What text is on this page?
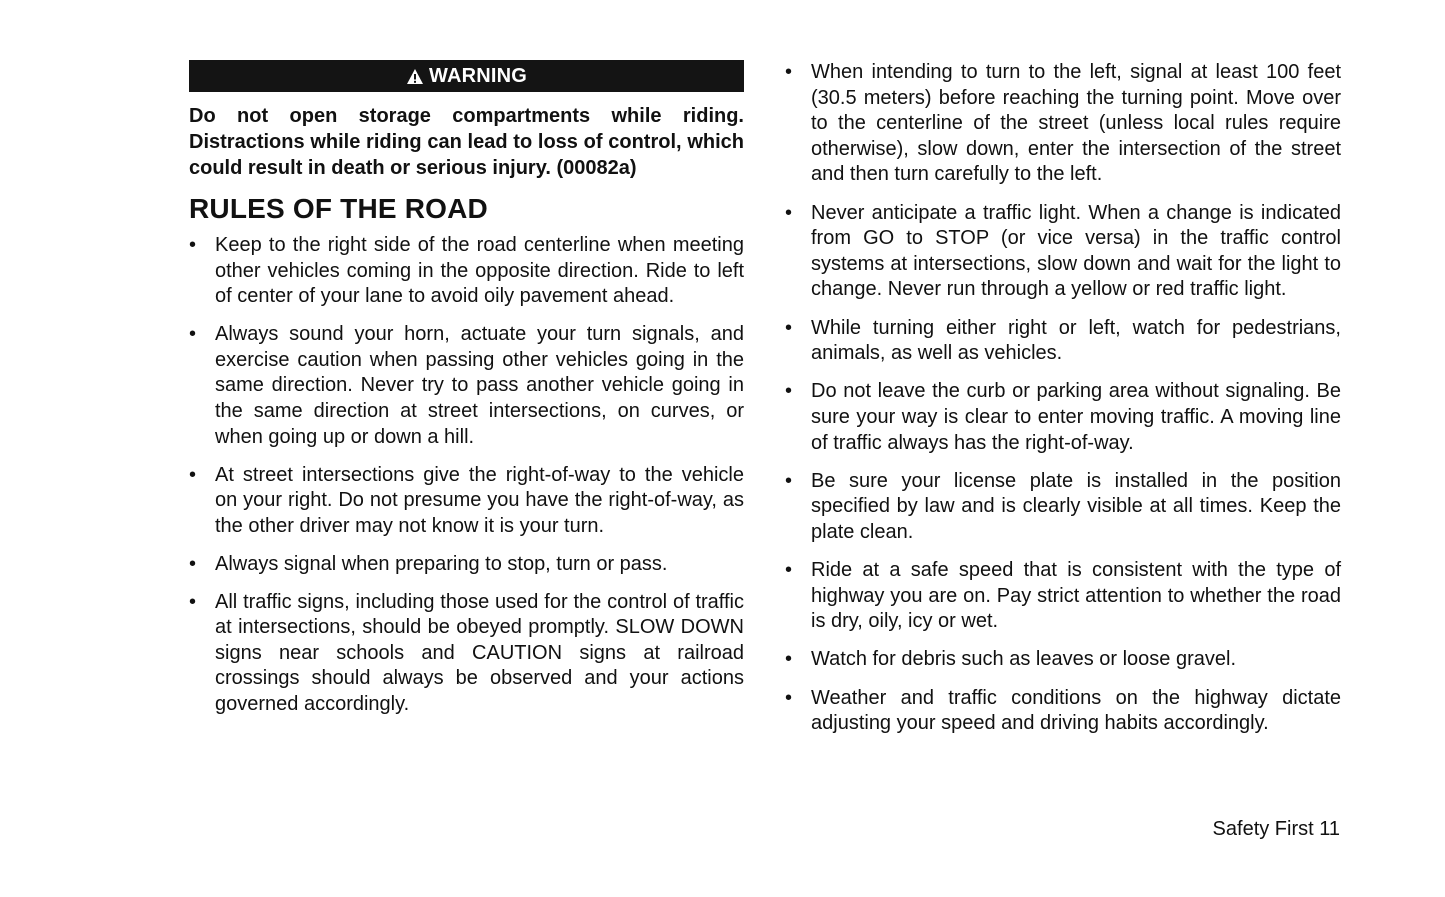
WARNING
Do not open storage compartments while riding. Distractions while riding can lead to loss of control, which could result in death or serious injury. (00082a)
RULES OF THE ROAD
• Keep to the right side of the road centerline when meeting other vehicles coming in the opposite direction. Ride to left of center of your lane to avoid oily pavement ahead.
• Always sound your horn, actuate your turn signals, and exercise caution when passing other vehicles going in the same direction. Never try to pass another vehicle going in the same direction at street intersections, on curves, or when going up or down a hill.
• At street intersections give the right-of-way to the vehicle on your right. Do not presume you have the right-of-way, as the other driver may not know it is your turn.
• Always signal when preparing to stop, turn or pass.
• All traffic signs, including those used for the control of traffic at intersections, should be obeyed promptly. SLOW DOWN signs near schools and CAUTION signs at railroad crossings should always be observed and your actions governed accordingly.
• When intending to turn to the left, signal at least 100 feet (30.5 meters) before reaching the turning point. Move over to the centerline of the street (unless local rules require otherwise), slow down, enter the intersection of the street and then turn carefully to the left.
• Never anticipate a traffic light. When a change is indicated from GO to STOP (or vice versa) in the traffic control systems at intersections, slow down and wait for the light to change. Never run through a yellow or red traffic light.
• While turning either right or left, watch for pedestrians, animals, as well as vehicles.
• Do not leave the curb or parking area without signaling. Be sure your way is clear to enter moving traffic. A moving line of traffic always has the right-of-way.
• Be sure your license plate is installed in the position specified by law and is clearly visible at all times. Keep the plate clean.
• Ride at a safe speed that is consistent with the type of highway you are on. Pay strict attention to whether the road is dry, oily, icy or wet.
• Watch for debris such as leaves or loose gravel.
• Weather and traffic conditions on the highway dictate adjusting your speed and driving habits accordingly.
Safety First 11
